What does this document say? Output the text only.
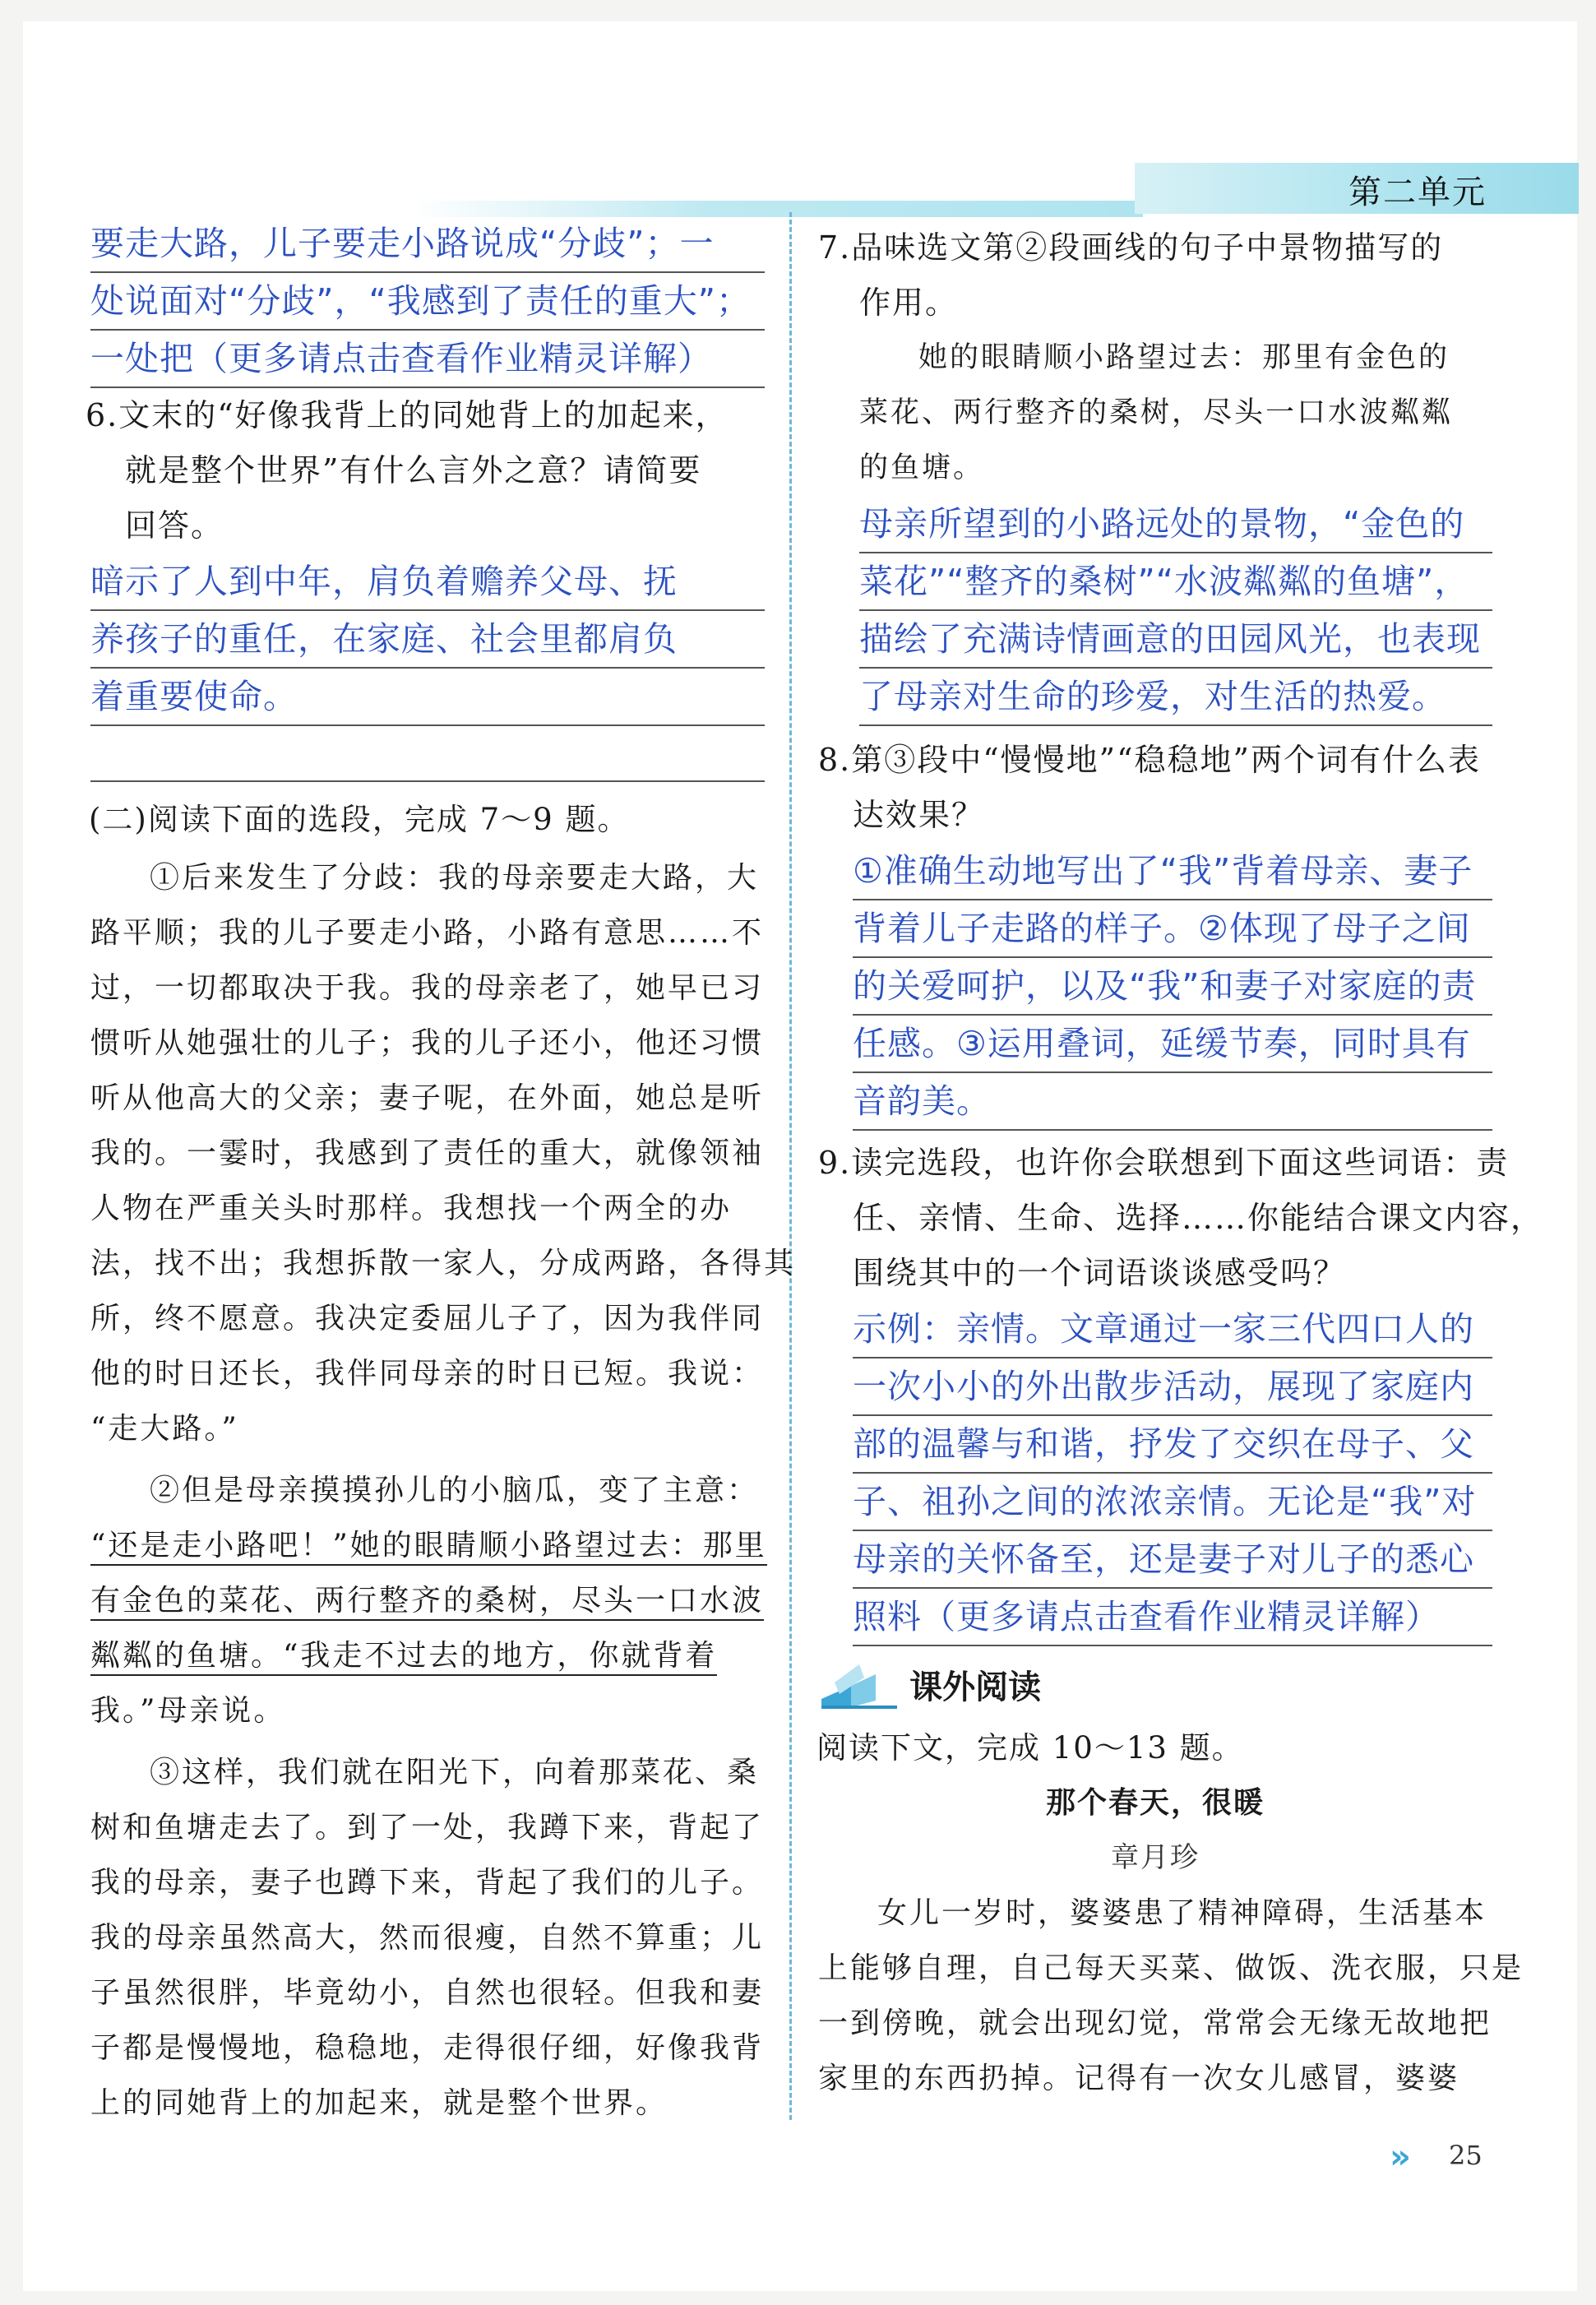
第二单元
要走大路，儿子要走小路说成“分歧”；一
处说面对“分歧”，“我感到了责任的重大”；
一处把（更多请点击查看作业精灵详解）
6.文末的“好像我背上的同她背上的加起来，
就是整个世界”有什么言外之意？请简要
回答。
暗示了人到中年，肩负着赡养父母、抚
养孩子的重任，在家庭、社会里都肩负
着重要使命。
(二)阅读下面的选段，完成 7～9 题。
①后来发生了分歧：我的母亲要走大路，大
路平顺；我的儿子要走小路，小路有意思……不
过，一切都取决于我。我的母亲老了，她早已习
惯听从她强壮的儿子；我的儿子还小，他还习惯
听从他高大的父亲；妻子呢，在外面，她总是听
我的。一霎时，我感到了责任的重大，就像领袖
人物在严重关头时那样。我想找一个两全的办
法，找不出；我想拆散一家人，分成两路，各得其
所，终不愿意。我决定委屈儿子了，因为我伴同
他的时日还长，我伴同母亲的时日已短。我说：
“走大路。”
②但是母亲摸摸孙儿的小脑瓜，变了主意：
“还是走小路吧！”她的眼睛顺小路望过去：那里
有金色的菜花、两行整齐的桑树，尽头一口水波
粼粼的鱼塘。“我走不过去的地方，你就背着
我。”母亲说。
③这样，我们就在阳光下，向着那菜花、桑
树和鱼塘走去了。到了一处，我蹲下来，背起了
我的母亲，妻子也蹲下来，背起了我们的儿子。
我的母亲虽然高大，然而很瘦，自然不算重；儿
子虽然很胖，毕竟幼小，自然也很轻。但我和妻
子都是慢慢地，稳稳地，走得很仔细，好像我背
上的同她背上的加起来，就是整个世界。
7.品味选文第②段画线的句子中景物描写的
作用。
她的眼睛顺小路望过去：那里有金色的
菜花、两行整齐的桑树，尽头一口水波粼粼
的鱼塘。
母亲所望到的小路远处的景物，“金色的
菜花”“整齐的桑树”“水波粼粼的鱼塘”，
描绘了充满诗情画意的田园风光，也表现
了母亲对生命的珍爱，对生活的热爱。
8.第③段中“慢慢地”“稳稳地”两个词有什么表
达效果？
①准确生动地写出了“我”背着母亲、妻子
背着儿子走路的样子。②体现了母子之间
的关爱呵护，以及“我”和妻子对家庭的责
任感。③运用叠词，延缓节奏，同时具有
音韵美。
9.读完选段，也许你会联想到下面这些词语：责
任、亲情、生命、选择……你能结合课文内容，
围绕其中的一个词语谈谈感受吗？
示例：亲情。文章通过一家三代四口人的
一次小小的外出散步活动，展现了家庭内
部的温馨与和谐，抒发了交织在母子、父
子、祖孙之间的浓浓亲情。无论是“我”对
母亲的关怀备至，还是妻子对儿子的悉心
照料（更多请点击查看作业精灵详解）
课外阅读
阅读下文，完成 10～13 题。
那个春天，很暖
章月珍
女儿一岁时，婆婆患了精神障碍，生活基本
上能够自理，自己每天买菜、做饭、洗衣服，只是
一到傍晚，就会出现幻觉，常常会无缘无故地把
家里的东西扔掉。记得有一次女儿感冒，婆婆
» 25
